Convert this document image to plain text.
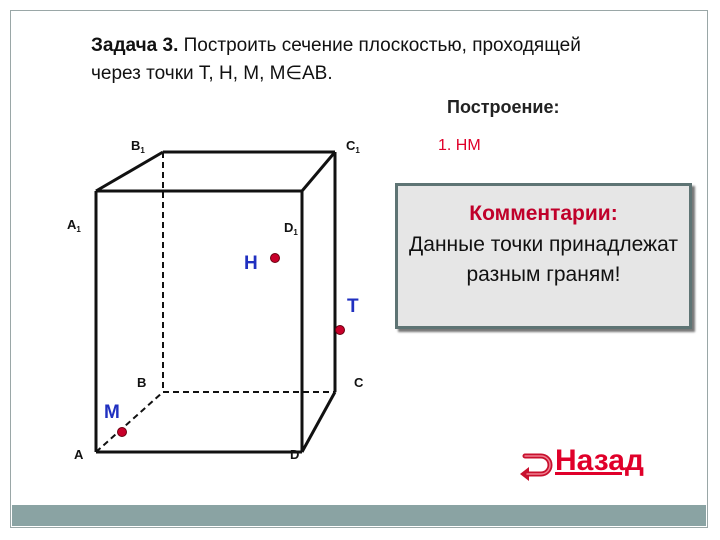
Задача 3. Построить сечение плоскостью, проходящей через точки Т, Н, М, М∈АВ.
Построение:
1. НМ
$B_1$	$C_1$
$A_1$	$D_1$
B	C
A	D
Н
Т
М
Комментарии:
Данные точки принадлежат разным граням!
Назад
